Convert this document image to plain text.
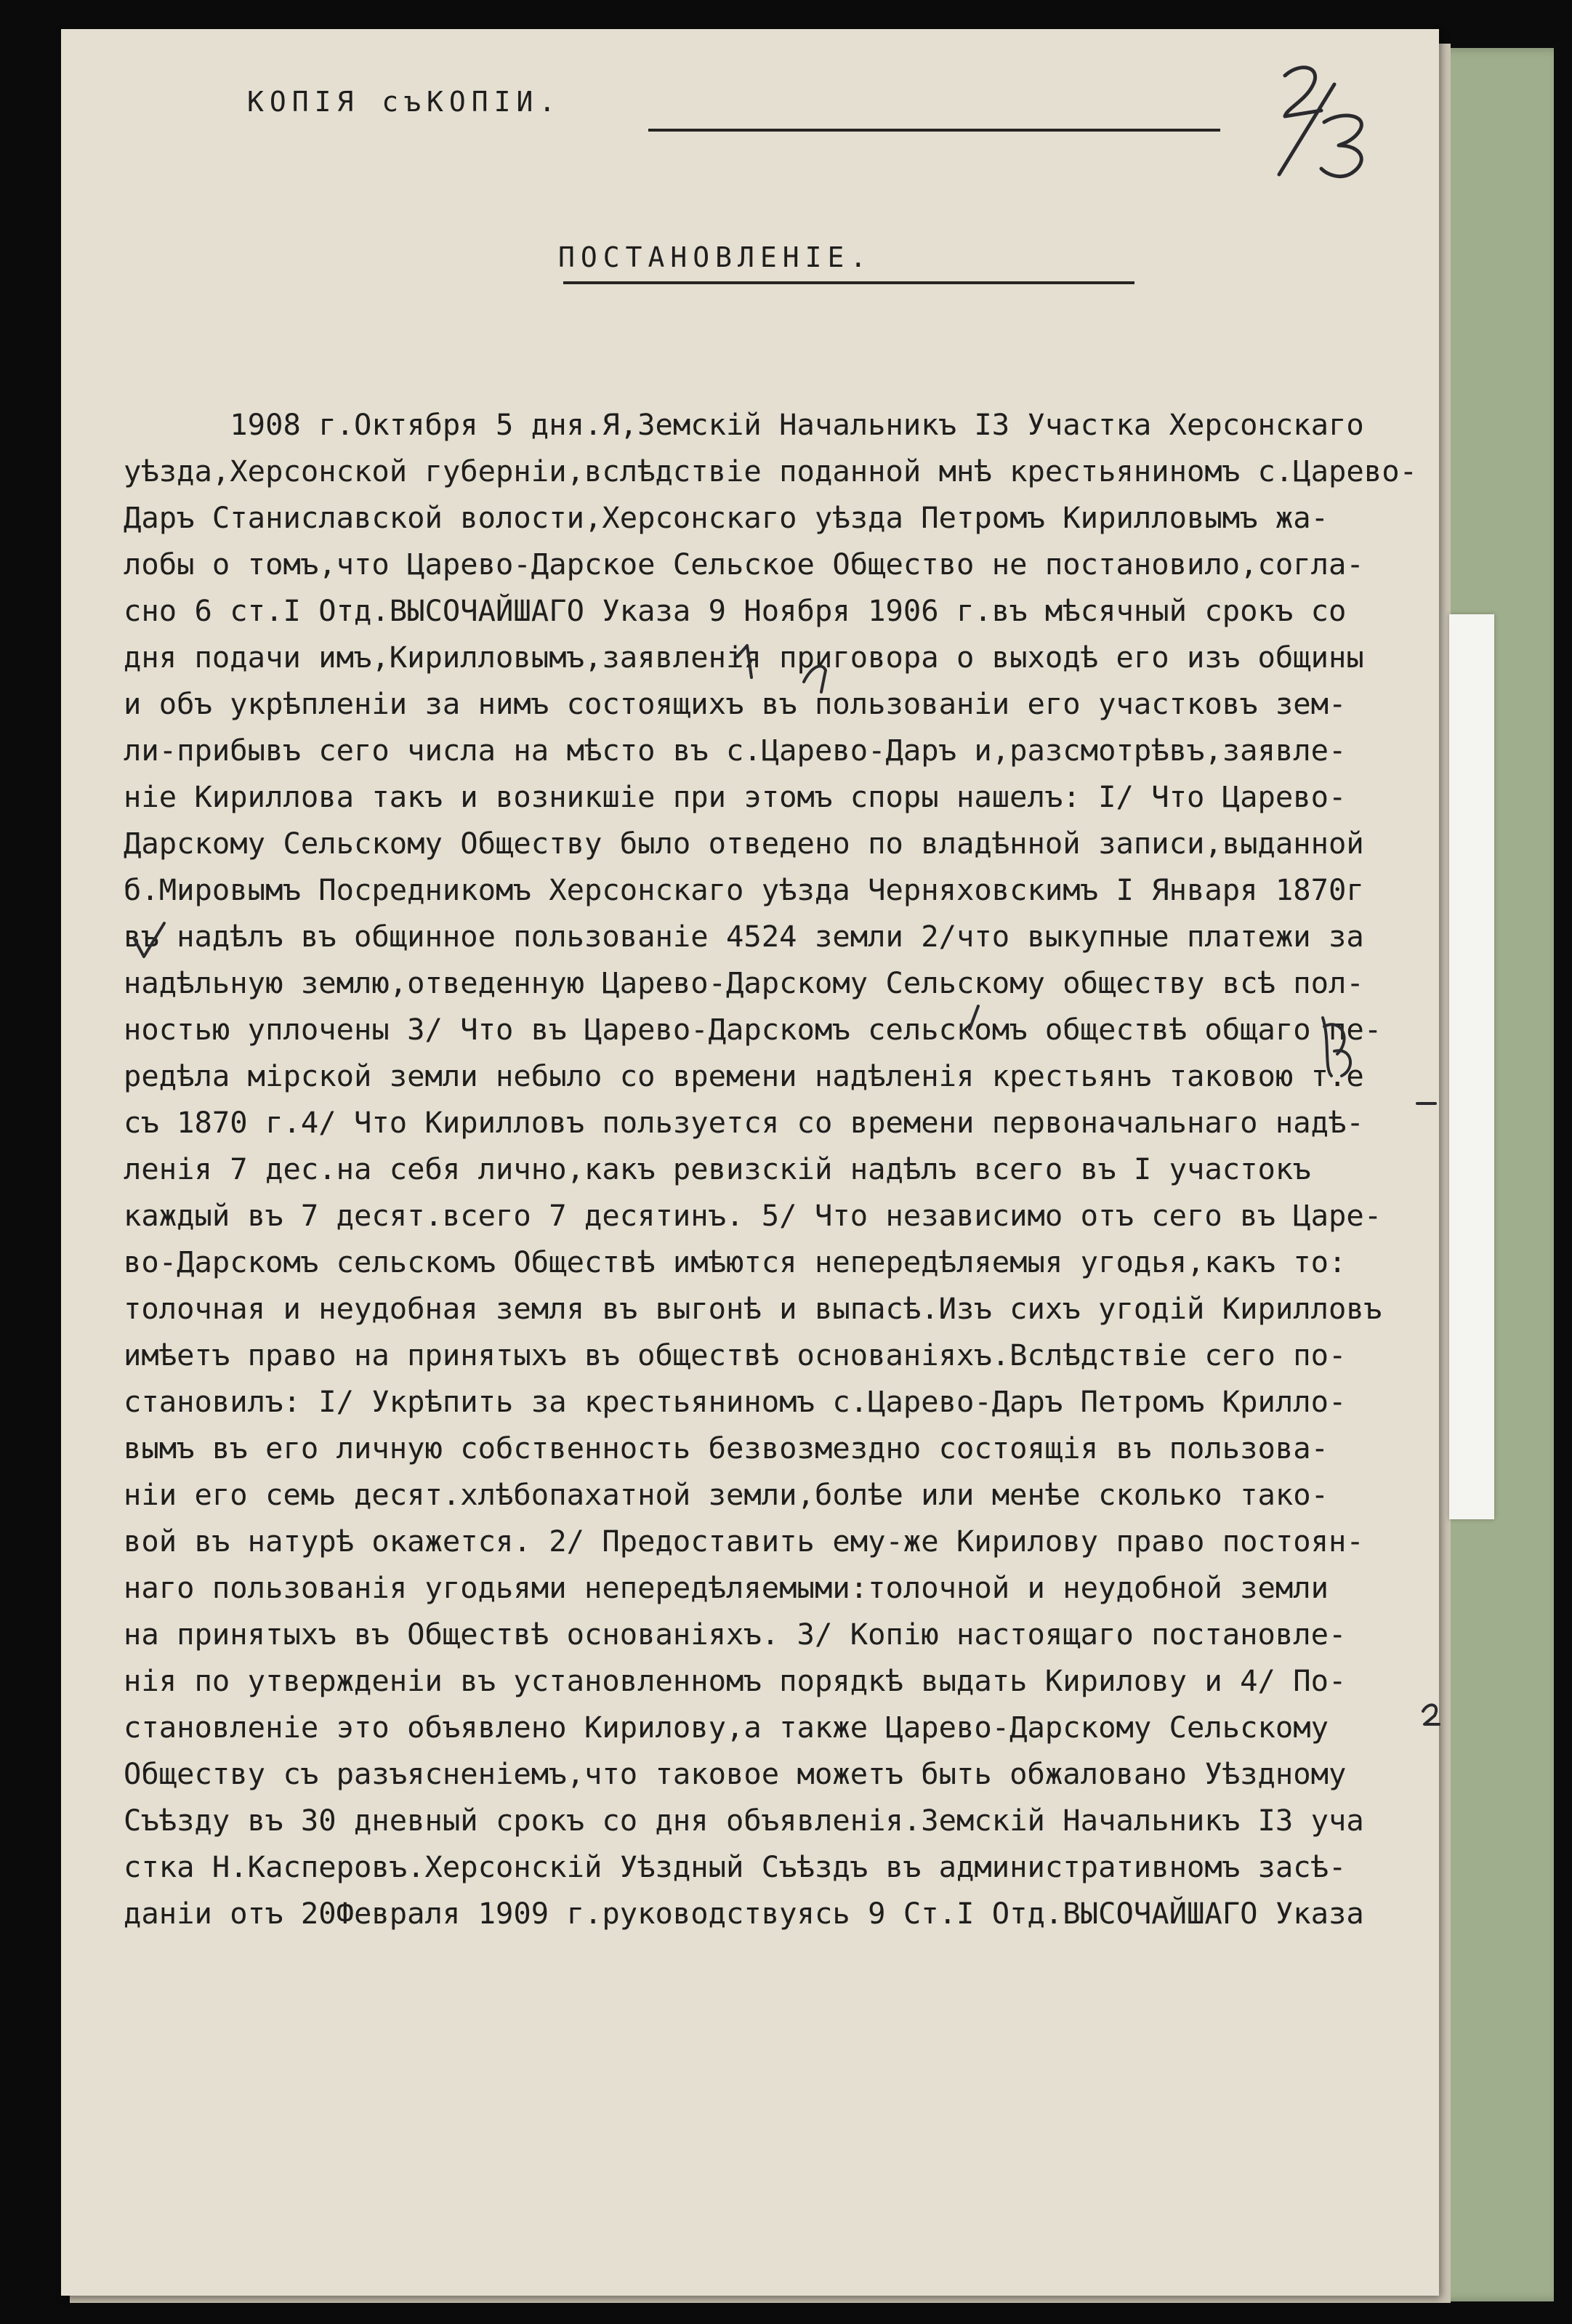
КОПІЯ съКОПІИ.
ПОСТАНОВЛЕНІЕ.
1908 г.Октября 5 дня.Я,Земскій Начальникъ I3 Участка Херсонскаго
уѣзда,Херсонской губерніи,вслѣдствіе поданной мнѣ крестьяниномъ с.Царево-
Даръ Станиславской волости,Херсонскаго уѣзда Петромъ Кирилловымъ жа-
лобы о томъ,что Царево-Дарское Сельское Общество не постановило,согла-
сно 6 ст.I Отд.ВЫСОЧАЙШАГО Указа 9 Ноября 1906 г.въ мѣсячный срокъ со
дня подачи имъ,Кирилловымъ,заявленія приговора о выходѣ его изъ общины
и объ укрѣпленіи за нимъ состоящихъ въ пользованіи его участковъ зем-
ли-прибывъ сего числа на мѣсто въ с.Царево-Даръ и,разсмотрѣвъ,заявле-
ніе Кириллова такъ и возникшіе при этомъ споры нашелъ: I/ Что Царево-
Дарскому Сельскому Обществу было отведено по владѣнной записи,выданной
б.Мировымъ Посредникомъ Херсонскаго уѣзда Черняховскимъ I Января 1870г
въ надѣлъ въ общинное пользованіе 4524 земли 2/что выкупные платежи за
надѣльную землю,отведенную Царево-Дарскому Сельскому обществу всѣ пол-
ностью уплочены 3/ Что въ Царево-Дарскомъ сельскомъ обществѣ общаго пе-
редѣла мірской земли небыло со времени надѣленія крестьянъ таковою т.е
съ 1870 г.4/ Что Кирилловъ пользуется со времени первоначальнаго надѣ-
ленія 7 дес.на себя лично,какъ ревизскій надѣлъ всего въ I участокъ
каждый въ 7 десят.всего 7 десятинъ. 5/ Что независимо отъ сего въ Царе-
во-Дарскомъ сельскомъ Обществѣ имѣются непередѣляемыя угодья,какъ то:
толочная и неудобная земля въ выгонѣ и выпасѣ.Изъ сихъ угодій Кирилловъ
имѣетъ право на принятыхъ въ обществѣ основаніяхъ.Вслѣдствіе сего по-
становилъ: I/ Укрѣпить за крестьяниномъ с.Царево-Даръ Петромъ Крилло-
вымъ въ его личную собственность безвозмездно состоящія въ пользова-
ніи его семь десят.хлѣбопахатной земли,болѣе или менѣе сколько тако-
вой въ натурѣ окажется. 2/ Предоставить ему-же Кирилову право постоян-
наго пользованія угодьями непередѣляемыми:толочной и неудобной земли
на принятыхъ въ Обществѣ основаніяхъ. 3/ Копію настоящаго постановле-
нія по утвержденіи въ установленномъ порядкѣ выдать Кирилову и 4/ По-
становленіе это объявлено Кирилову,а также Царево-Дарскому Сельскому
Обществу съ разъясненіемъ,что таковое можетъ быть обжаловано Уѣздному
Съѣзду въ 30 дневный срокъ со дня объявленія.Земскій Начальникъ I3 уча
стка Н.Касперовъ.Херсонскій Уѣздный Съѣздъ въ административномъ засѣ-
даніи отъ 20Февраля 1909 г.руководствуясь 9 Ст.I Отд.ВЫСОЧАЙШАГО Указа
